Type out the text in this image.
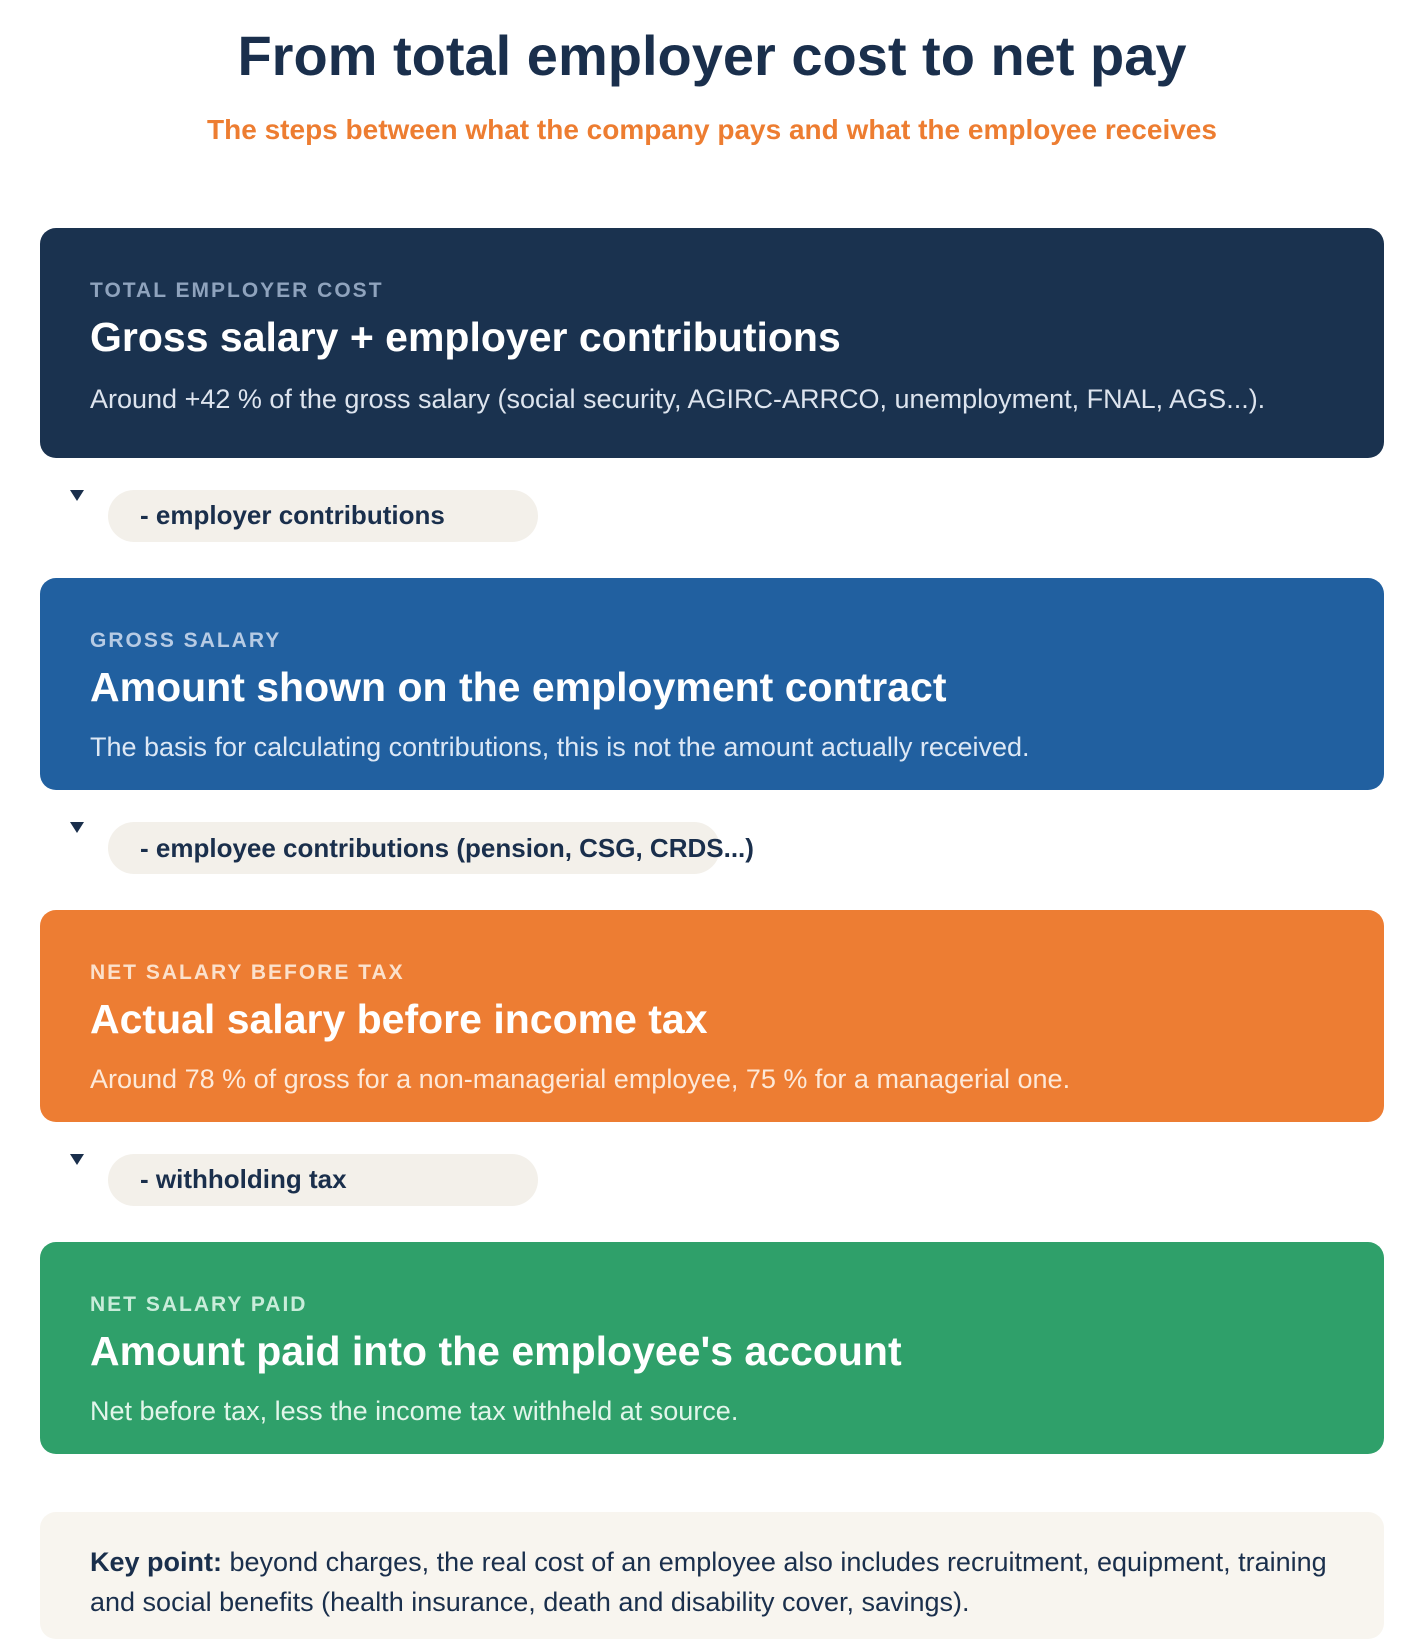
From total employer cost to net pay

The steps between what the company pays and what the employee receives

TOTAL EMPLOYER COST
Gross salary + employer contributions
Around +42 % of the gross salary (social security, AGIRC-ARRCO, unemployment, FNAL, AGS...).
- employer contributions
GROSS SALARY
Amount shown on the employment contract
The basis for calculating contributions, this is not the amount actually received.
- employee contributions (pension, CSG, CRDS...)
NET SALARY BEFORE TAX
Actual salary before income tax
Around 78 % of gross for a non-managerial employee, 75 % for a managerial one.
- withholding tax
NET SALARY PAID
Amount paid into the employee's account
Net before tax, less the income tax withheld at source.
Key point: beyond charges, the real cost of an employee also includes recruitment, equipment, training and social benefits (health insurance, death and disability cover, savings).
